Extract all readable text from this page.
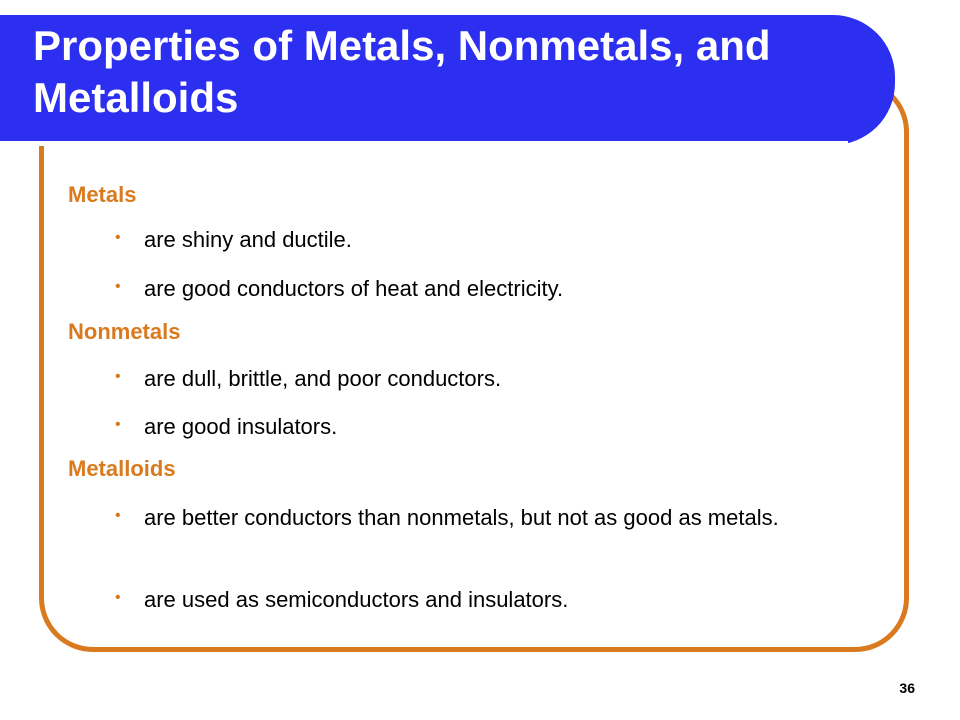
Properties of Metals, Nonmetals, and Metalloids
Metals
• are shiny and ductile.
• are good conductors of heat and electricity.
Nonmetals
• are dull, brittle, and poor conductors.
• are good insulators.
Metalloids
• are better conductors than nonmetals, but not as good as metals.
• are used as semiconductors and insulators.
36
